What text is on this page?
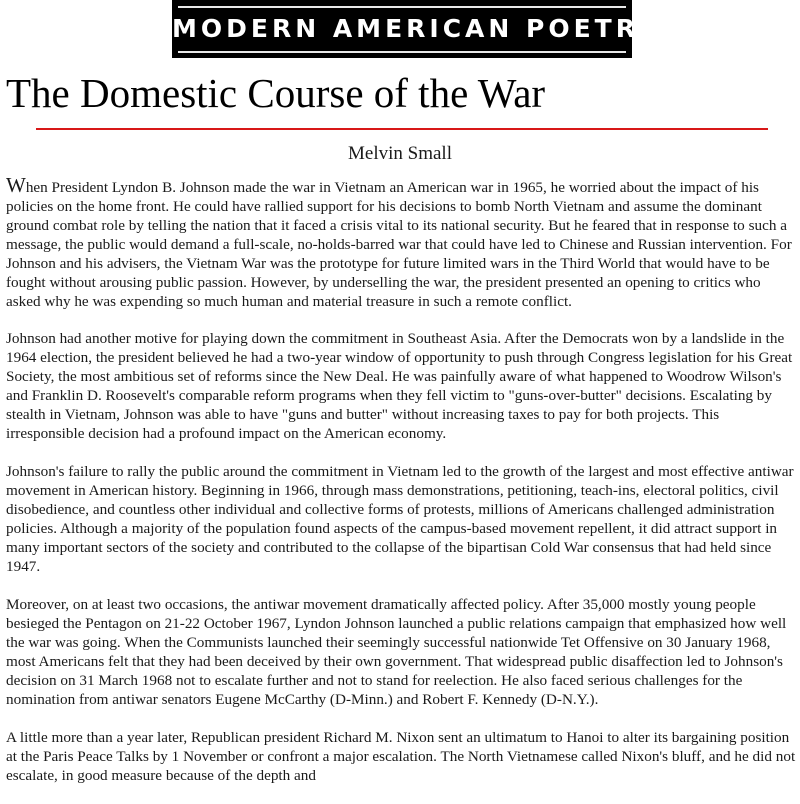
MODERN AMERICAN POETRY
The Domestic Course of the War
Melvin Small

When President Lyndon B. Johnson made the war in Vietnam an American war in 1965, he worried about the impact of his policies on the home front. He could have rallied support for his decisions to bomb North Vietnam and assume the dominant ground combat role by telling the nation that it faced a crisis vital to its national security. But he feared that in response to such a message, the public would demand a full-scale, no-holds-barred war that could have led to Chinese and Russian intervention. For Johnson and his advisers, the Vietnam War was the prototype for future limited wars in the Third World that would have to be fought without arousing public passion. However, by underselling the war, the president presented an opening to critics who asked why he was expending so much human and material treasure in such a remote conflict.

Johnson had another motive for playing down the commitment in Southeast Asia. After the Democrats won by a landslide in the 1964 election, the president believed he had a two-year window of opportunity to push through Congress legislation for his Great Society, the most ambitious set of reforms since the New Deal. He was painfully aware of what happened to Woodrow Wilson's and Franklin D. Roosevelt's comparable reform programs when they fell victim to "guns-over-butter" decisions. Escalating by stealth in Vietnam, Johnson was able to have "guns and butter" without increasing taxes to pay for both projects. This irresponsible decision had a profound impact on the American economy.

Johnson's failure to rally the public around the commitment in Vietnam led to the growth of the largest and most effective antiwar movement in American history. Beginning in 1966, through mass demonstrations, petitioning, teach-ins, electoral politics, civil disobedience, and countless other individual and collective forms of protests, millions of Americans challenged administration policies. Although a majority of the population found aspects of the campus-based movement repellent, it did attract support in many important sectors of the society and contributed to the collapse of the bipartisan Cold War consensus that had held since 1947.

Moreover, on at least two occasions, the antiwar movement dramatically affected policy. After 35,000 mostly young people besieged the Pentagon on 21-22 October 1967, Lyndon Johnson launched a public relations campaign that emphasized how well the war was going. When the Communists launched their seemingly successful nationwide Tet Offensive on 30 January 1968, most Americans felt that they had been deceived by their own government. That widespread public disaffection led to Johnson's decision on 31 March 1968 not to escalate further and not to stand for reelection. He also faced serious challenges for the nomination from antiwar senators Eugene McCarthy (D-Minn.) and Robert F. Kennedy (D-N.Y.).

A little more than a year later, Republican president Richard M. Nixon sent an ultimatum to Hanoi to alter its bargaining position at the Paris Peace Talks by 1 November or confront a major escalation. The North Vietnamese called Nixon's bluff, and he did not escalate, in good measure because of the depth and
